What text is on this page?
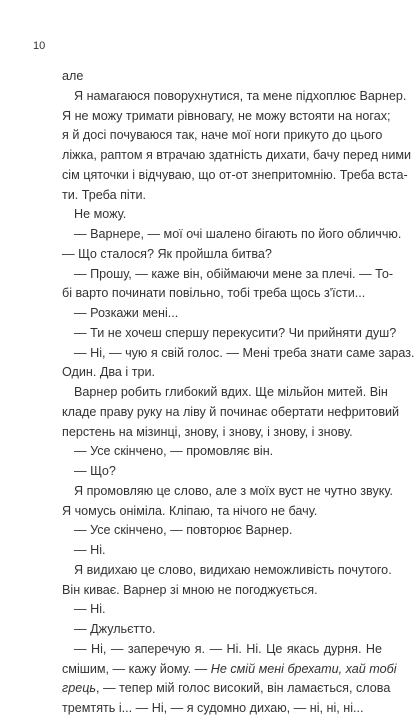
10
але
Я намагаюся поворухнутися, та мене підхоплює Варнер.
Я не можу тримати рівновагу, не можу встояти на ногах;
я й досі почуваюся так, наче мої ноги прикуто до цього
ліжка, раптом я втрачаю здатність дихати, бачу перед ними
сім цяточки і відчуваю, що от-от знепритомнію. Треба вста-
ти. Треба піти.
Не можу.
— Варнере, — мої очі шалено бігають по його обличчю.
— Що сталося? Як пройшла битва?
— Прошу, — каже він, обіймаючи мене за плечі. — То-
бі варто починати повільно, тобі треба щось з'їсти...
— Розкажи мені...
— Ти не хочеш спершу перекусити? Чи прийняти душ?
— Ні, — чую я свій голос. — Мені треба знати саме зараз.
Один. Два і три.
Варнер робить глибокий вдих. Ще мільйон митей. Він
кладе праву руку на ліву й починає обертати нефритовий
перстень на мізинці, знову, і знову, і знову, і знову.
— Усе скінчено, — промовляє він.
— Що?
Я промовляю це слово, але з моїх вуст не чутно звуку.
Я чомусь оніміла. Кліпаю, та нічого не бачу.
— Усе скінчено, — повторює Варнер.
— Ні.
Я видихаю це слово, видихаю неможливість почутого.
Він киває. Варнер зі мною не погоджується.
— Ні.
— Джульєтто.
— Ні, — заперечую я. — Ні. Ні. Це якась дурня. Не
смішим, — кажу йому. — Не смій мені брехати, хай тобі
грець, — тепер мій голос високий, він ламається, слова
тремтять і... — Ні, — я судомно дихаю, — ні, ні, ні...
